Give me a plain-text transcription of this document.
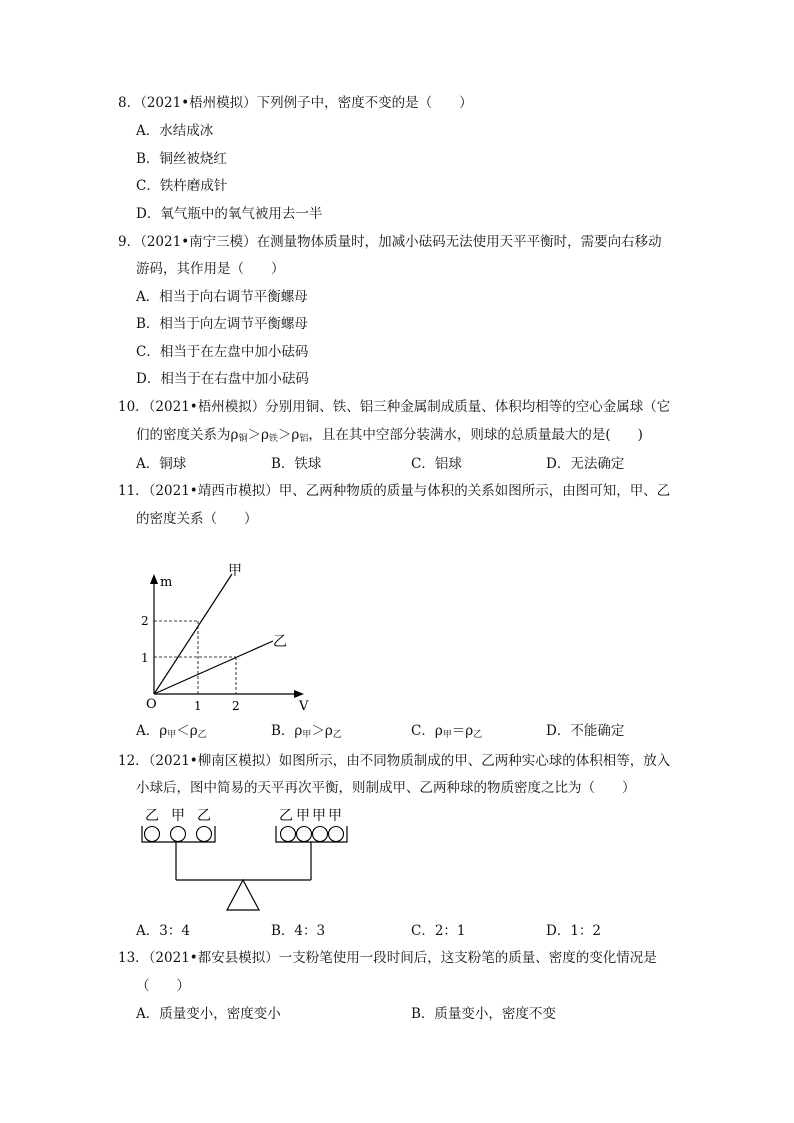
8．（2021•梧州模拟）下列例子中，密度不变的是（　　）
A．水结成冰
B．铜丝被烧红
C．铁杵磨成针
D．氧气瓶中的氧气被用去一半
9．（2021•南宁三模）在测量物体质量时，加减小砝码无法使用天平平衡时，需要向右移动
游码，其作用是（　　）
A．相当于向右调节平衡螺母
B．相当于向左调节平衡螺母
C．相当于在左盘中加小砝码
D．相当于在右盘中加小砝码
10．（2021•梧州模拟）分别用铜、铁、铝三种金属制成质量、体积均相等的空心金属球（它
们的密度关系为$\rho_铜>\rho_铁>\rho_铝$，且在其中空部分装满水，则球的总质量最大的是(　　)
A．铜球	B．铁球	C．铝球	D．无法确定
11．（2021•靖西市模拟）甲、乙两种物质的质量与体积的关系如图所示，由图可知，甲、乙
的密度关系（　　）
m
V
O
2
1
1	2
甲
乙
A．$\rho_甲<\rho_乙$	B．$\rho_甲>\rho_乙$	C．$\rho_甲=\rho_乙$	D．不能确定
12．（2021•柳南区模拟）如图所示，由不同物质制成的甲、乙两种实心球的体积相等，放入
小球后，图中简易的天平再次平衡，则制成甲、乙两种球的物质密度之比为（　　）
乙 甲 乙	乙 甲 甲 甲
A．3：4	B．4：3	C．2：1	D．1：2
13．（2021•都安县模拟）一支粉笔使用一段时间后，这支粉笔的质量、密度的变化情况是
（　　）
A．质量变小，密度变小	B．质量变小，密度不变
